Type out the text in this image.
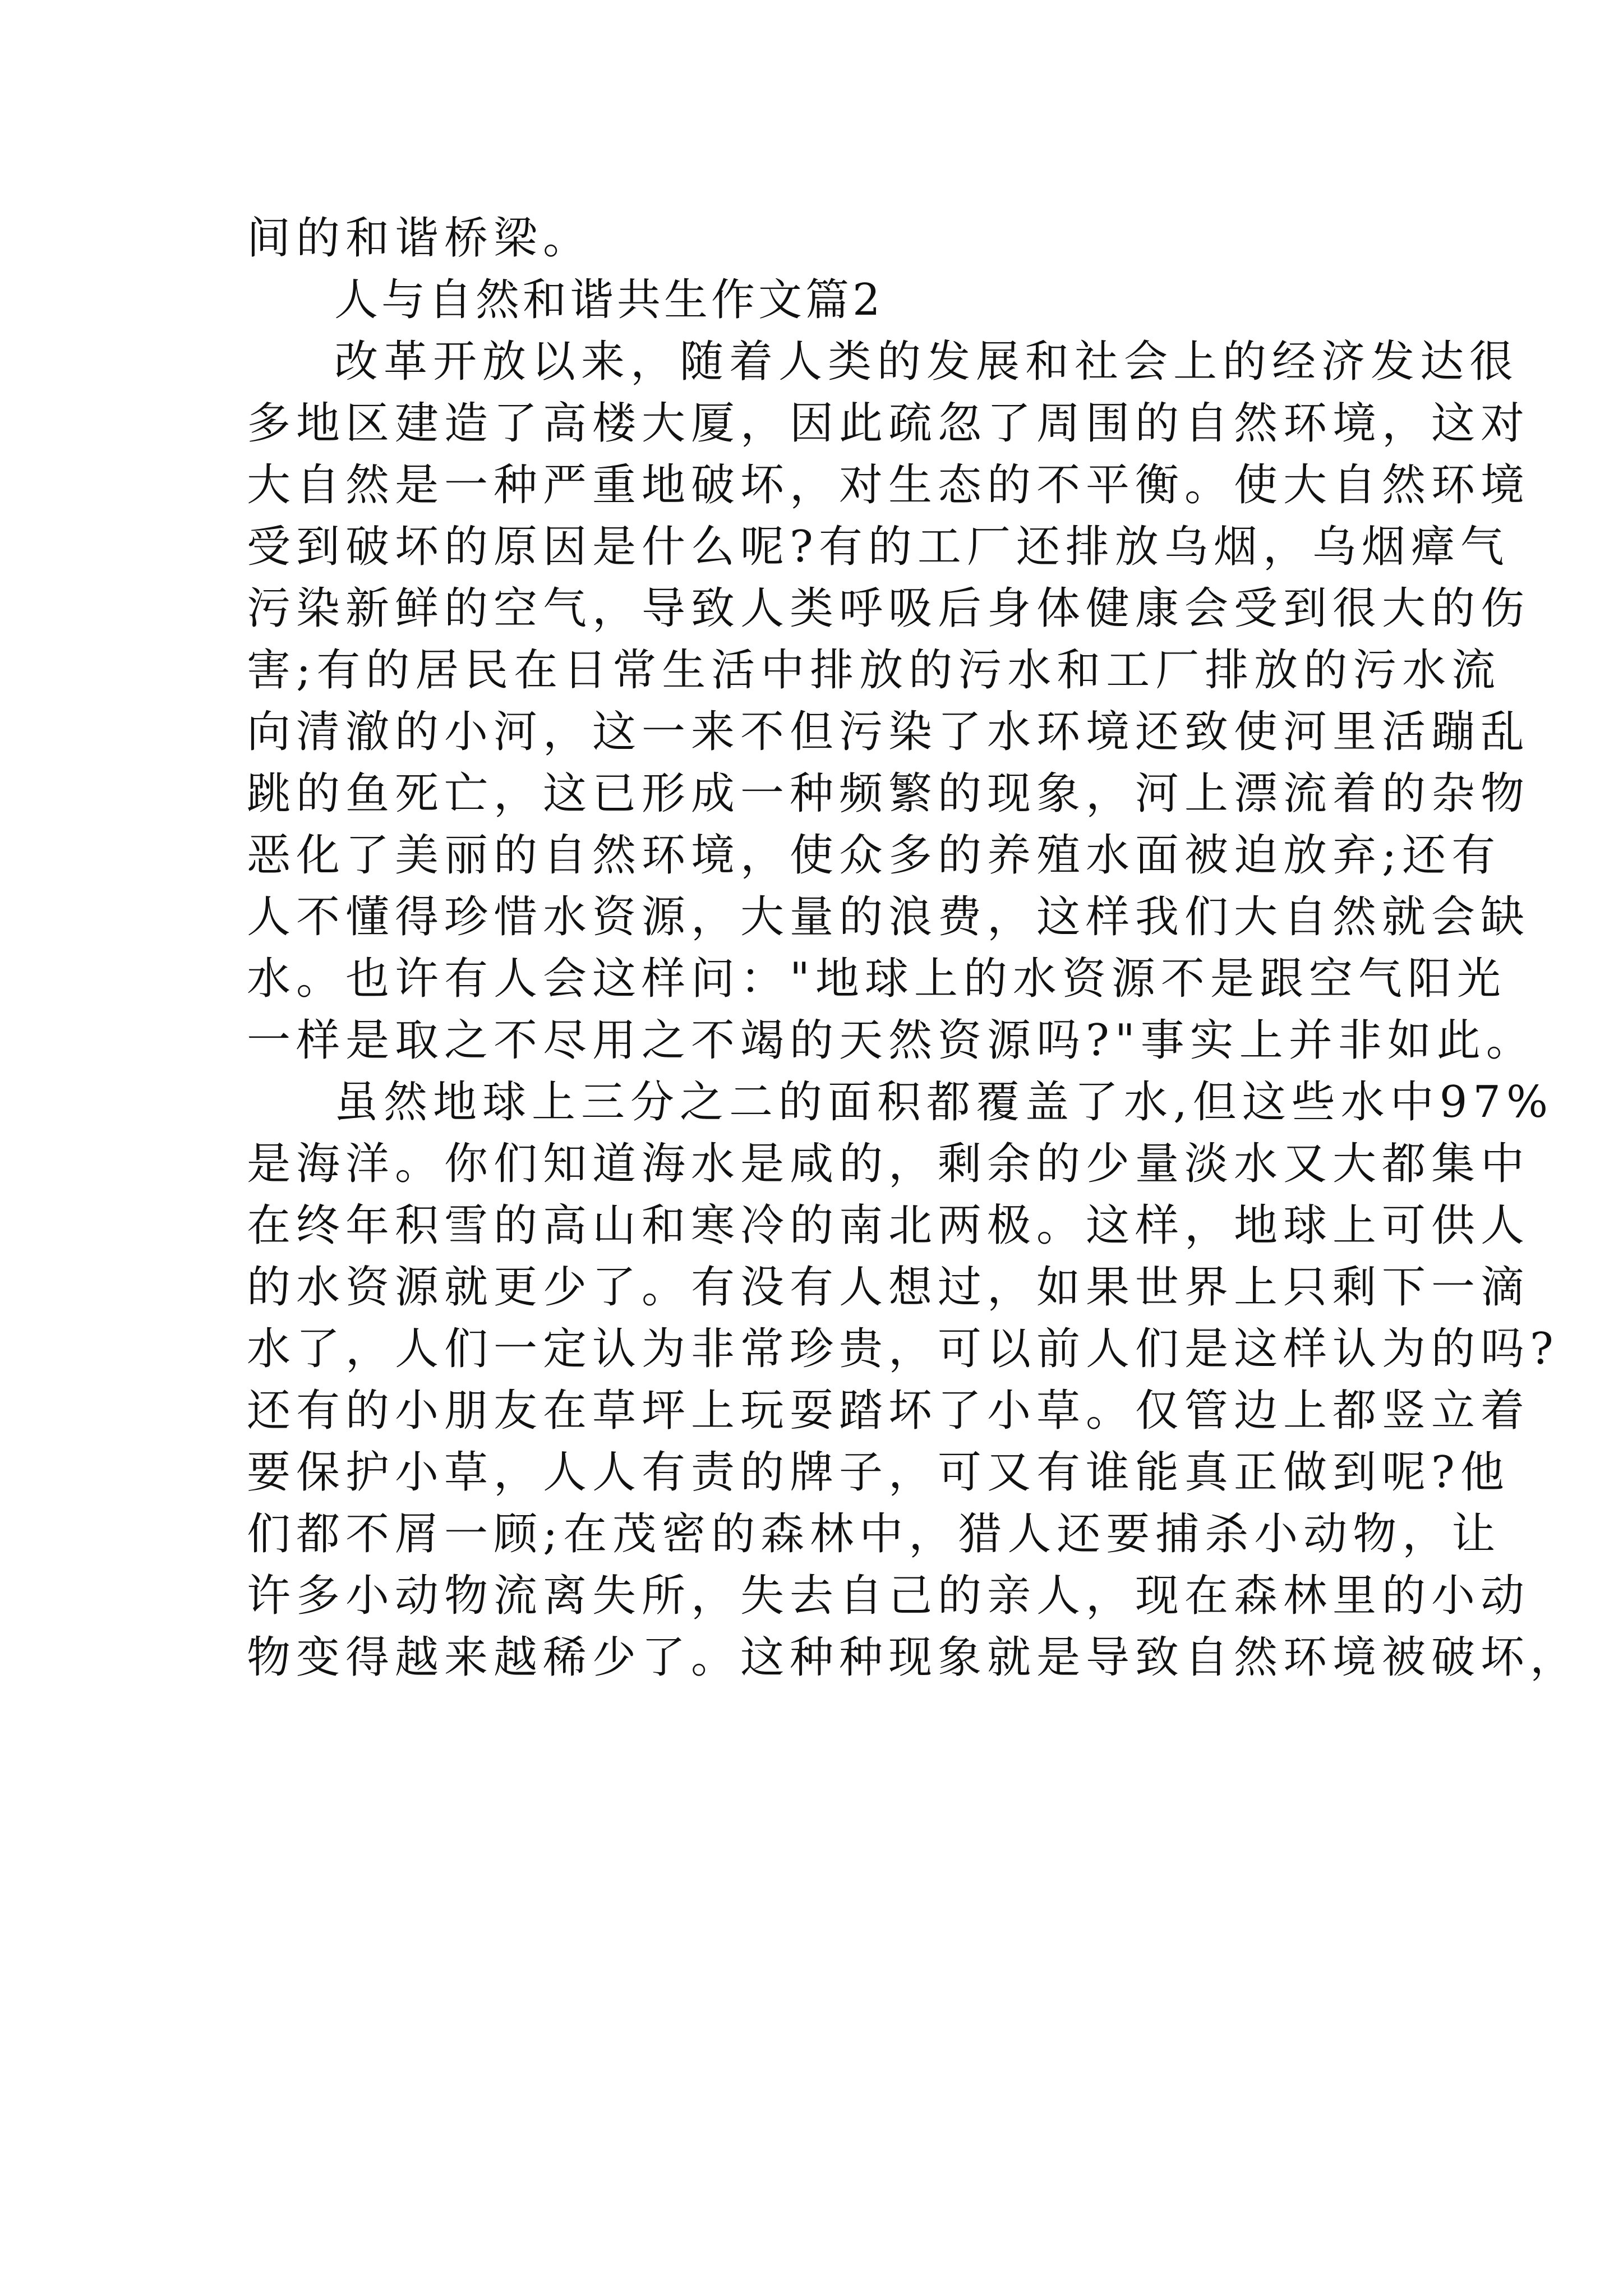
间的和谐桥梁。
人与自然和谐共生作文篇2
改革开放以来，随着人类的发展和社会上的经济发达很
多地区建造了高楼大厦，因此疏忽了周围的自然环境，这对
大自然是一种严重地破坏，对生态的不平衡。使大自然环境
受到破坏的原因是什么呢?有的工厂还排放乌烟，乌烟瘴气
污染新鲜的空气，导致人类呼吸后身体健康会受到很大的伤
害;有的居民在日常生活中排放的污水和工厂排放的污水流
向清澈的小河，这一来不但污染了水环境还致使河里活蹦乱
跳的鱼死亡，这已形成一种频繁的现象，河上漂流着的杂物
恶化了美丽的自然环境，使众多的养殖水面被迫放弃;还有
人不懂得珍惜水资源，大量的浪费，这样我们大自然就会缺
水。也许有人会这样问："地球上的水资源不是跟空气阳光
一样是取之不尽用之不竭的天然资源吗?"事实上并非如此。
虽然地球上三分之二的面积都覆盖了水,但这些水中97%
是海洋。你们知道海水是咸的，剩余的少量淡水又大都集中
在终年积雪的高山和寒冷的南北两极。这样，地球上可供人
的水资源就更少了。有没有人想过，如果世界上只剩下一滴
水了，人们一定认为非常珍贵，可以前人们是这样认为的吗?
还有的小朋友在草坪上玩耍踏坏了小草。仅管边上都竖立着
要保护小草，人人有责的牌子，可又有谁能真正做到呢?他
们都不屑一顾;在茂密的森林中，猎人还要捕杀小动物，让
许多小动物流离失所，失去自己的亲人，现在森林里的小动
物变得越来越稀少了。这种种现象就是导致自然环境被破坏，
